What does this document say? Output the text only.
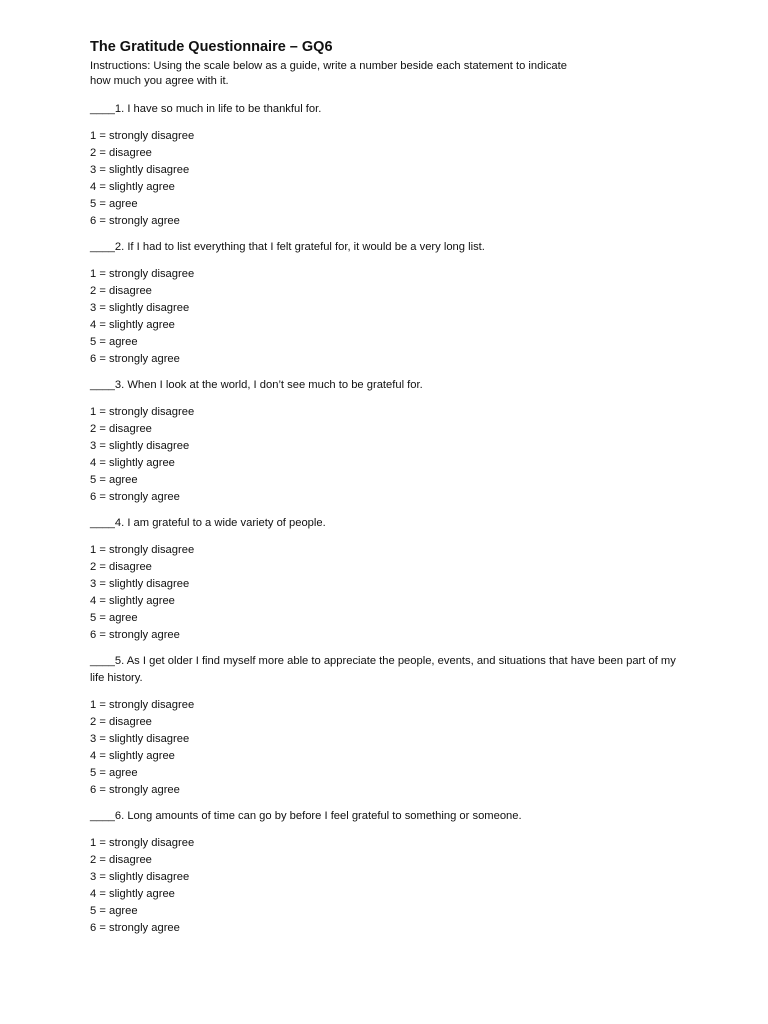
The Gratitude Questionnaire – GQ6
Instructions: Using the scale below as a guide, write a number beside each statement to indicate how much you agree with it.
____1. I have so much in life to be thankful for.
1 = strongly disagree
2 = disagree
3 = slightly disagree
4 = slightly agree
5 = agree
6 = strongly agree
____2. If I had to list everything that I felt grateful for, it would be a very long list.
1 = strongly disagree
2 = disagree
3 = slightly disagree
4 = slightly agree
5 = agree
6 = strongly agree
____3. When I look at the world, I don’t see much to be grateful for.
1 = strongly disagree
2 = disagree
3 = slightly disagree
4 = slightly agree
5 = agree
6 = strongly agree
____4. I am grateful to a wide variety of people.
1 = strongly disagree
2 = disagree
3 = slightly disagree
4 = slightly agree
5 = agree
6 = strongly agree
____5. As I get older I find myself more able to appreciate the people, events, and situations that have been part of my life history.
1 = strongly disagree
2 = disagree
3 = slightly disagree
4 = slightly agree
5 = agree
6 = strongly agree
____6. Long amounts of time can go by before I feel grateful to something or someone.
1 = strongly disagree
2 = disagree
3 = slightly disagree
4 = slightly agree
5 = agree
6 = strongly agree
